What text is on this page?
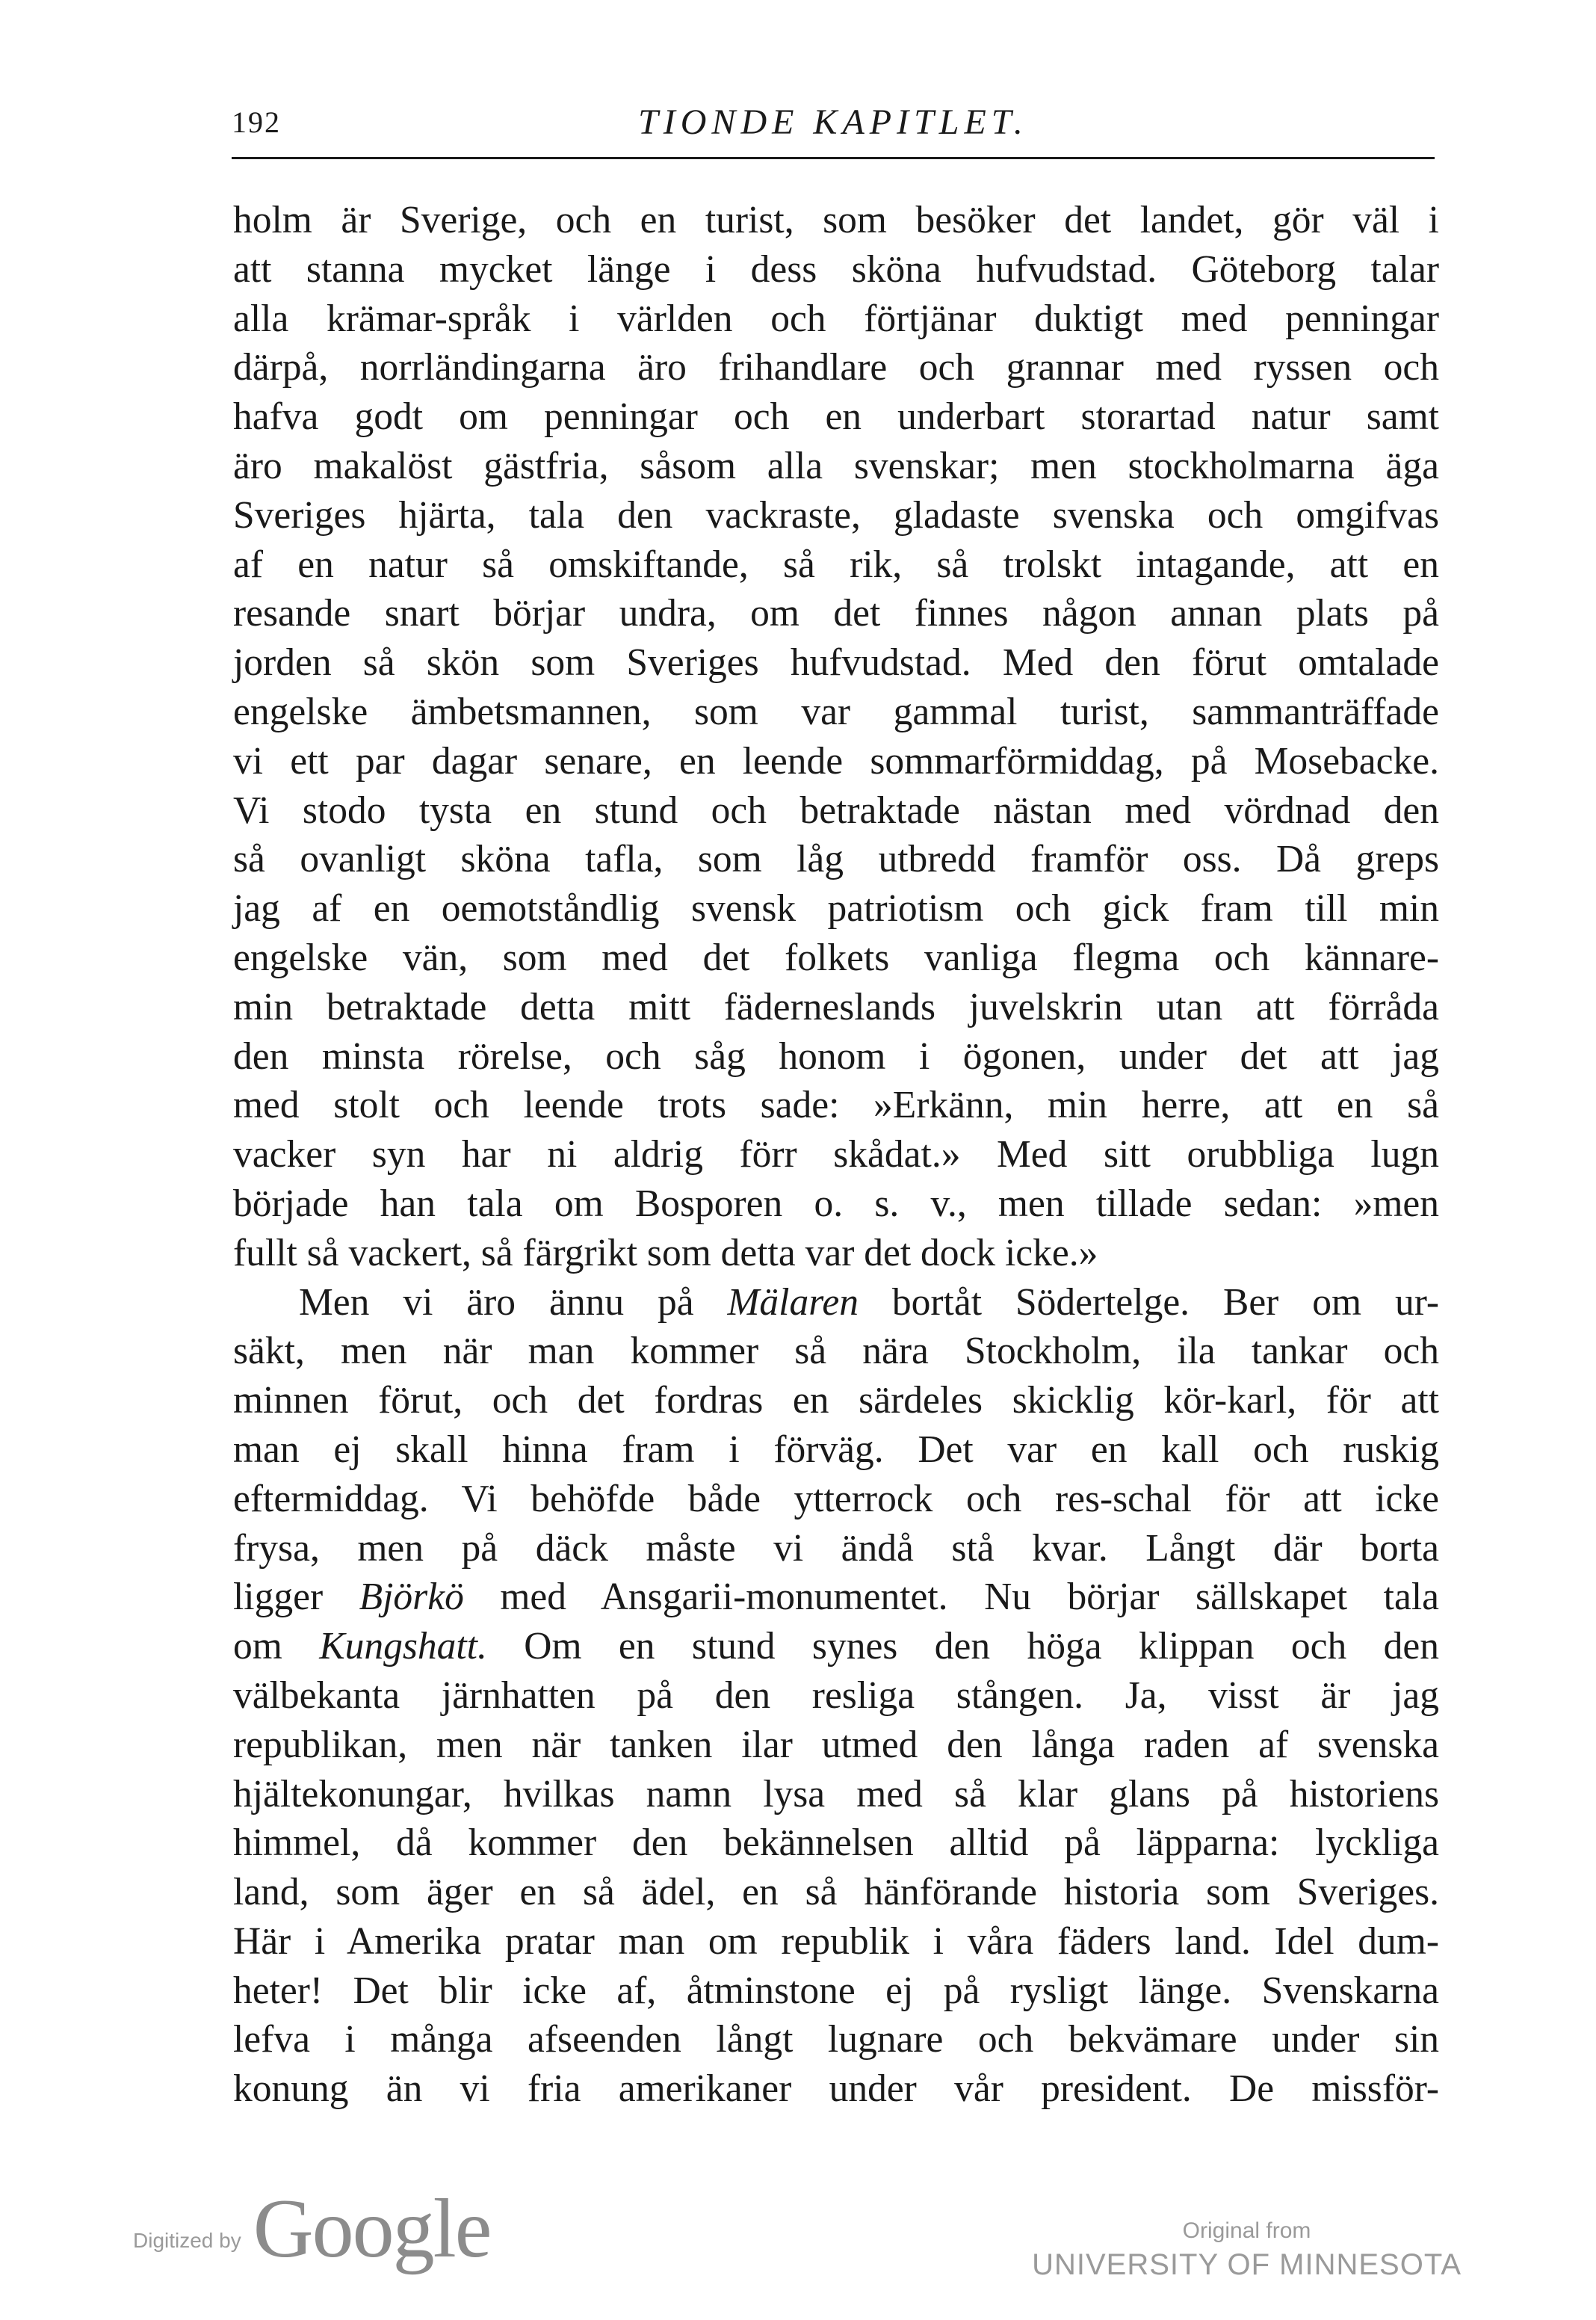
192	TIONDE KAPITLET.
holm är Sverige, och en turist, som besöker det landet, gör väl i
att stanna mycket länge i dess sköna hufvudstad. Göteborg talar
alla krämar-språk i världen och förtjänar duktigt med penningar
därpå, norrländingarna äro frihandlare och grannar med ryssen och
hafva godt om penningar och en underbart storartad natur samt
äro makalöst gästfria, såsom alla svenskar; men stockholmarna äga
Sveriges hjärta, tala den vackraste, gladaste svenska och omgifvas
af en natur så omskiftande, så rik, så trolskt intagande, att en
resande snart börjar undra, om det finnes någon annan plats på
jorden så skön som Sveriges hufvudstad. Med den förut omtalade
engelske ämbetsmannen, som var gammal turist, sammanträffade
vi ett par dagar senare, en leende sommarförmiddag, på Mosebacke.
Vi stodo tysta en stund och betraktade nästan med vördnad den
så ovanligt sköna tafla, som låg utbredd framför oss. Då greps
jag af en oemotståndlig svensk patriotism och gick fram till min
engelske vän, som med det folkets vanliga flegma och kännare-
min betraktade detta mitt fäderneslands juvelskrin utan att förråda
den minsta rörelse, och såg honom i ögonen, under det att jag
med stolt och leende trots sade: »Erkänn, min herre, att en så
vacker syn har ni aldrig förr skådat.» Med sitt orubbliga lugn
började han tala om Bosporen o. s. v., men tillade sedan: »men
fullt så vackert, så färgrikt som detta var det dock icke.»
Men vi äro ännu på Mälaren bortåt Södertelge. Ber om ur-
säkt, men när man kommer så nära Stockholm, ila tankar och
minnen förut, och det fordras en särdeles skicklig kör-karl, för att
man ej skall hinna fram i förväg. Det var en kall och ruskig
eftermiddag. Vi behöfde både ytterrock och res-schal för att icke
frysa, men på däck måste vi ändå stå kvar. Långt där borta
ligger Björkö med Ansgarii-monumentet. Nu börjar sällskapet tala
om Kungshatt. Om en stund synes den höga klippan och den
välbekanta järnhatten på den resliga stången. Ja, visst är jag
republikan, men när tanken ilar utmed den långa raden af svenska
hjältekonungar, hvilkas namn lysa med så klar glans på historiens
himmel, då kommer den bekännelsen alltid på läpparna: lyckliga
land, som äger en så ädel, en så hänförande historia som Sveriges.
Här i Amerika pratar man om republik i våra fäders land. Idel dum-
heter! Det blir icke af, åtminstone ej på rysligt länge. Svenskarna
lefva i många afseenden långt lugnare och bekvämare under sin
konung än vi fria amerikaner under vår president. De missför-
Digitized by Google	Original from
UNIVERSITY OF MINNESOTA
